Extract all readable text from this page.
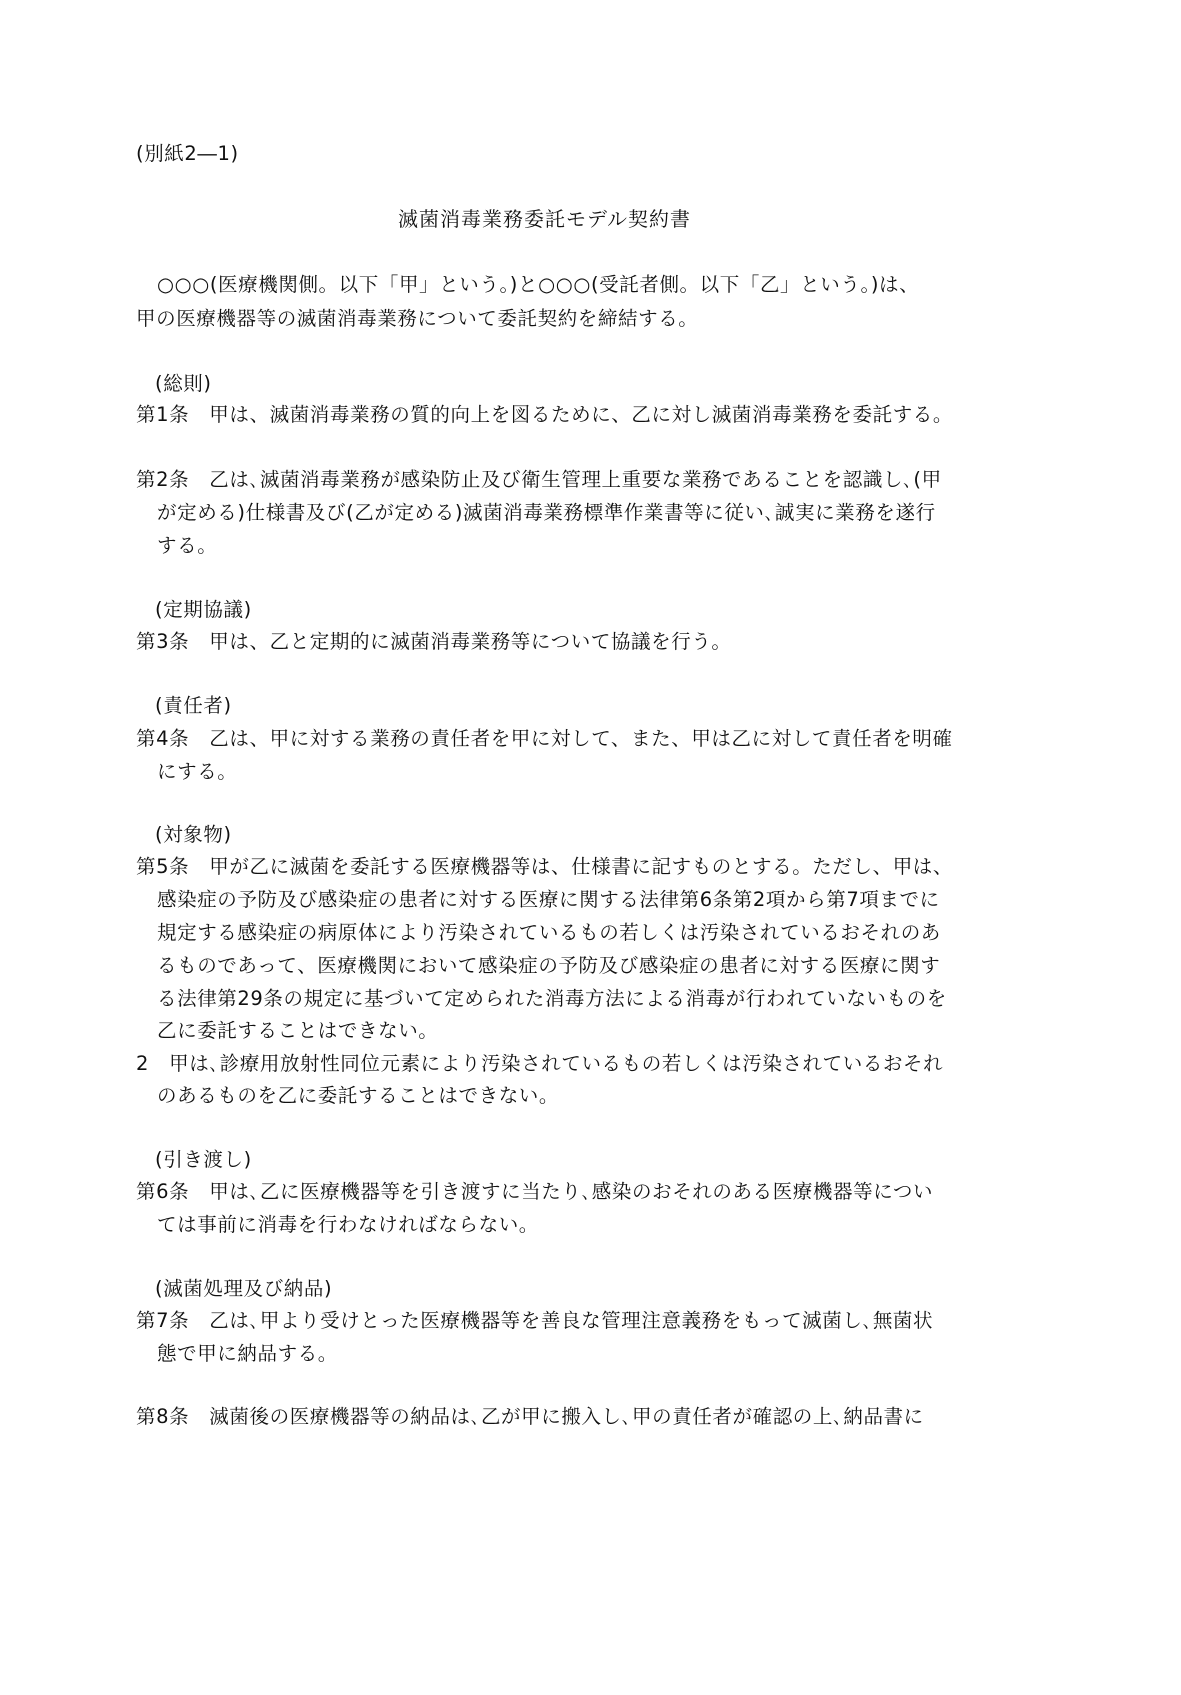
(別紙2―1)
滅菌消毒業務委託モデル契約書
○○○(医療機関側。以下「甲」という。)と○○○(受託者側。以下「乙」という。)は、
甲の医療機器等の滅菌消毒業務について委託契約を締結する。
(総則)
第1条　甲は、滅菌消毒業務の質的向上を図るために、乙に対し滅菌消毒業務を委託する。
第2条　乙は､滅菌消毒業務が感染防止及び衛生管理上重要な業務であることを認識し､(甲
が定める)仕様書及び(乙が定める)滅菌消毒業務標準作業書等に従い､誠実に業務を遂行
する。
(定期協議)
第3条　甲は、乙と定期的に滅菌消毒業務等について協議を行う。
(責任者)
第4条　乙は、甲に対する業務の責任者を甲に対して、また、甲は乙に対して責任者を明確
にする。
(対象物)
第5条　甲が乙に滅菌を委託する医療機器等は、仕様書に記すものとする。ただし、甲は、
感染症の予防及び感染症の患者に対する医療に関する法律第6条第2項から第7項までに
規定する感染症の病原体により汚染されているもの若しくは汚染されているおそれのあ
るものであって、医療機関において感染症の予防及び感染症の患者に対する医療に関す
る法律第29条の規定に基づいて定められた消毒方法による消毒が行われていないものを
乙に委託することはできない。
2　甲は､診療用放射性同位元素により汚染されているもの若しくは汚染されているおそれ
のあるものを乙に委託することはできない。
(引き渡し)
第6条　甲は､乙に医療機器等を引き渡すに当たり､感染のおそれのある医療機器等につい
ては事前に消毒を行わなければならない。
(滅菌処理及び納品)
第7条　乙は､甲より受けとった医療機器等を善良な管理注意義務をもって滅菌し､無菌状
態で甲に納品する。
第8条　滅菌後の医療機器等の納品は､乙が甲に搬入し､甲の責任者が確認の上､納品書に
